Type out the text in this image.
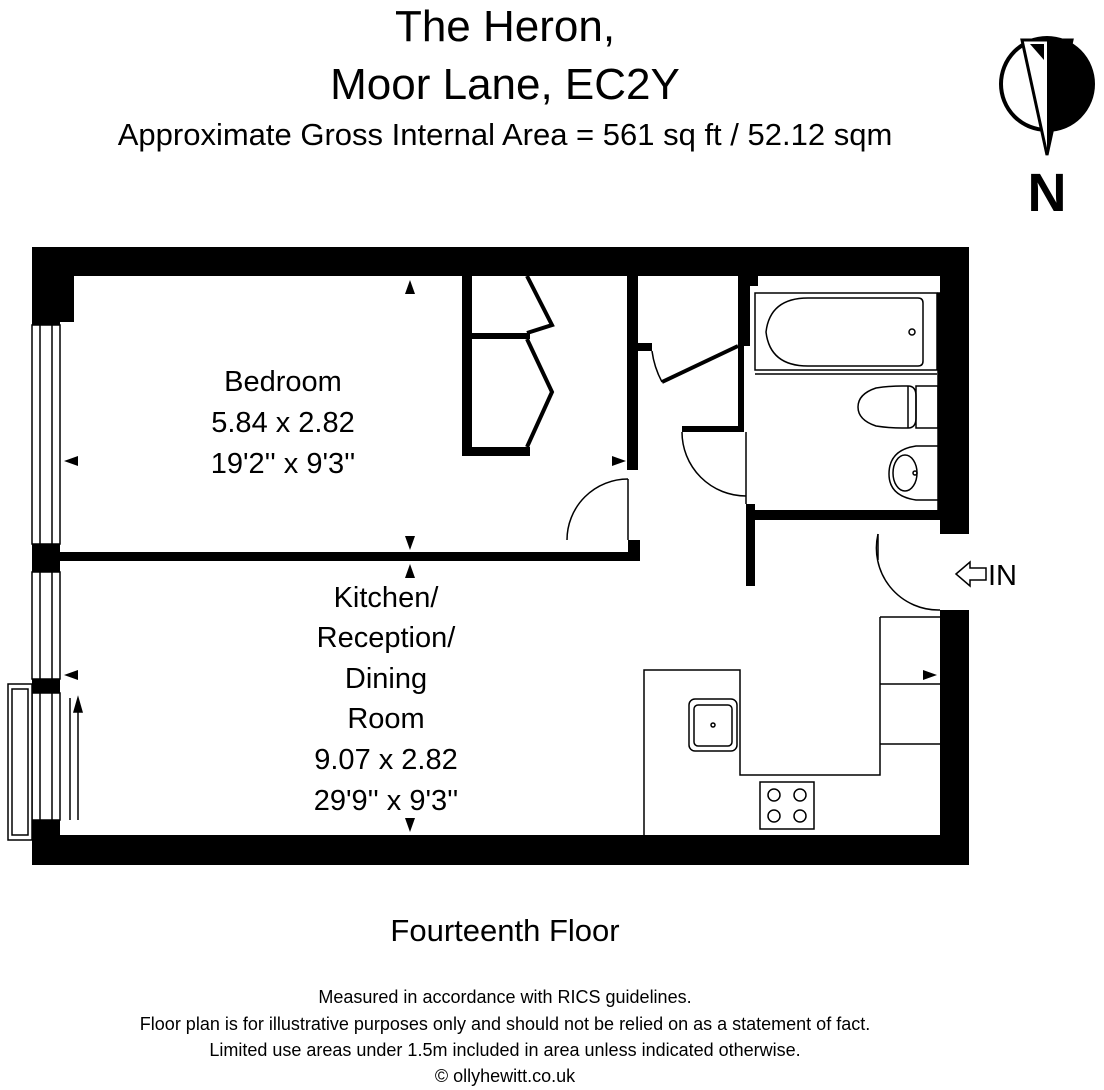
The Heron,
Moor Lane, EC2Y
Approximate Gross Internal Area = 561 sq ft / 52.12 sqm
N
IN
Bedroom
5.84 x 2.82
19'2'' x 9'3''
Kitchen/
Reception/
Dining
Room
9.07 x 2.82
29'9'' x 9'3''
Fourteenth Floor
Measured in accordance with RICS guidelines.
Floor plan is for illustrative purposes only and should not be relied on as a statement of fact.
Limited use areas under 1.5m included in area unless indicated otherwise.
© ollyhewitt.co.uk
